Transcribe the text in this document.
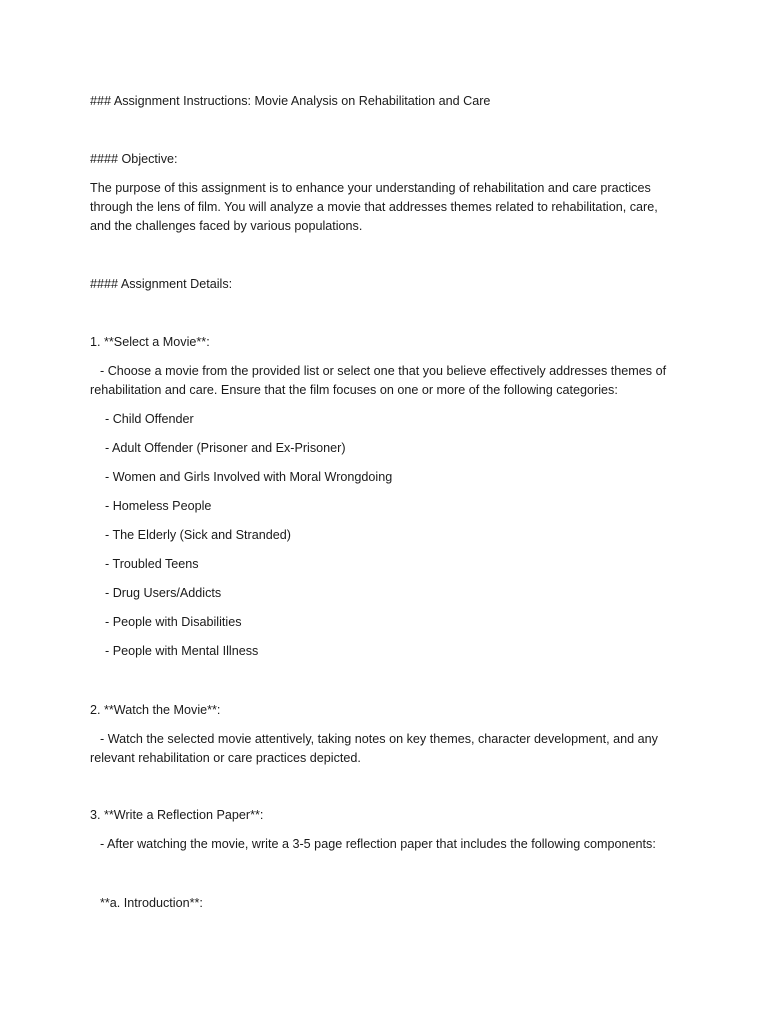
### Assignment Instructions: Movie Analysis on Rehabilitation and Care
#### Objective:
The purpose of this assignment is to enhance your understanding of rehabilitation and care practices through the lens of film. You will analyze a movie that addresses themes related to rehabilitation, care, and the challenges faced by various populations.
#### Assignment Details:
1. **Select a Movie**:
- Choose a movie from the provided list or select one that you believe effectively addresses themes of rehabilitation and care. Ensure that the film focuses on one or more of the following categories:
- Child Offender
- Adult Offender (Prisoner and Ex-Prisoner)
- Women and Girls Involved with Moral Wrongdoing
- Homeless People
- The Elderly (Sick and Stranded)
- Troubled Teens
- Drug Users/Addicts
- People with Disabilities
- People with Mental Illness
2. **Watch the Movie**:
- Watch the selected movie attentively, taking notes on key themes, character development, and any relevant rehabilitation or care practices depicted.
3. **Write a Reflection Paper**:
- After watching the movie, write a 3-5 page reflection paper that includes the following components:
**a. Introduction**:
